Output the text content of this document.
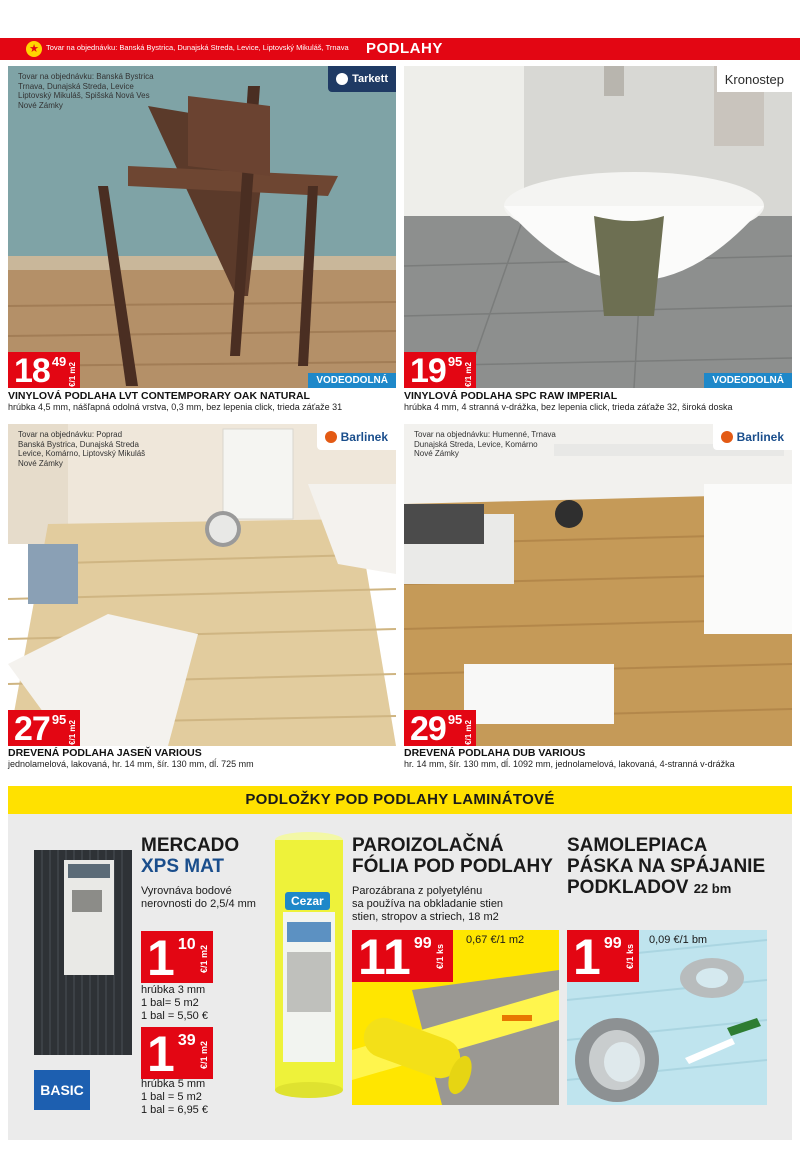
★ Tovar na objednávku: Banská Bystrica, Dunajská Streda, Levice, Liptovský Mikuláš, Trnava PODLAHY
Tovar na objednávku: Banská Bystrica
Trnava, Dunajská Streda, Levice
Liptovský Mikuláš, Spišská Nová Ves
Nové Zámky
Tarkett
18 49
€/1 m2	VODEODOLNÁ
VINYLOVÁ PODLAHA LVT CONTEMPORARY OAK NATURAL
hrúbka 4,5 mm, nášľapná odolná vrstva, 0,3 mm, bez lepenia click, trieda záťaže 31
Kronostep
19 95
€/1 m2	VODEODOLNÁ
VINYLOVÁ PODLAHA SPC RAW IMPERIAL
hrúbka 4 mm, 4 stranná v-drážka, bez lepenia click, trieda záťaže 32, široká doska
Tovar na objednávku: Poprad
Banská Bystrica, Dunajská Streda
Levice, Komárno, Liptovský Mikuláš
Nové Zámky
Barlinek
27 95
€/1 m2
DREVENÁ PODLAHA JASEŇ VARIOUS
jednolamelová, lakovaná, hr. 14 mm, šír. 130 mm, dĺ. 725 mm
Tovar na objednávku: Humenné, Trnava
Dunajská Streda, Levice, Komárno
Nové Zámky
Barlinek
29 95
€/1 m2
DREVENÁ PODLAHA DUB VARIOUS
hr. 14 mm, šír. 130 mm, dĺ. 1092 mm, jednolamelová, lakovaná, 4-stranná v-drážka
PODLOŽKY POD PODLAHY LAMINÁTOVÉ
BASIC
MERCADO
XPS MAT
Vyrovnáva bodové
nerovnosti do 2,5/4 mm
1 10
€/1 m2
hrúbka 3 mm
1 bal= 5 m2
1 bal = 5,50 €
1 39
€/1 m2
hrúbka 5 mm
1 bal = 5 m2
1 bal = 6,95 €
Cezar
PAROIZOLAČNÁ
FÓLIA POD PODLAHY
Parozábrana z polyetylénu
sa používa na obkladanie stien
stien, stropov a striech, 18 m2
11 99
€/1 ks
0,67 €/1 m2
SAMOLEPIACA
PÁSKA NA SPÁJANIE
PODKLADOV 22 bm
1 99
€/1 ks
0,09 €/1 bm
